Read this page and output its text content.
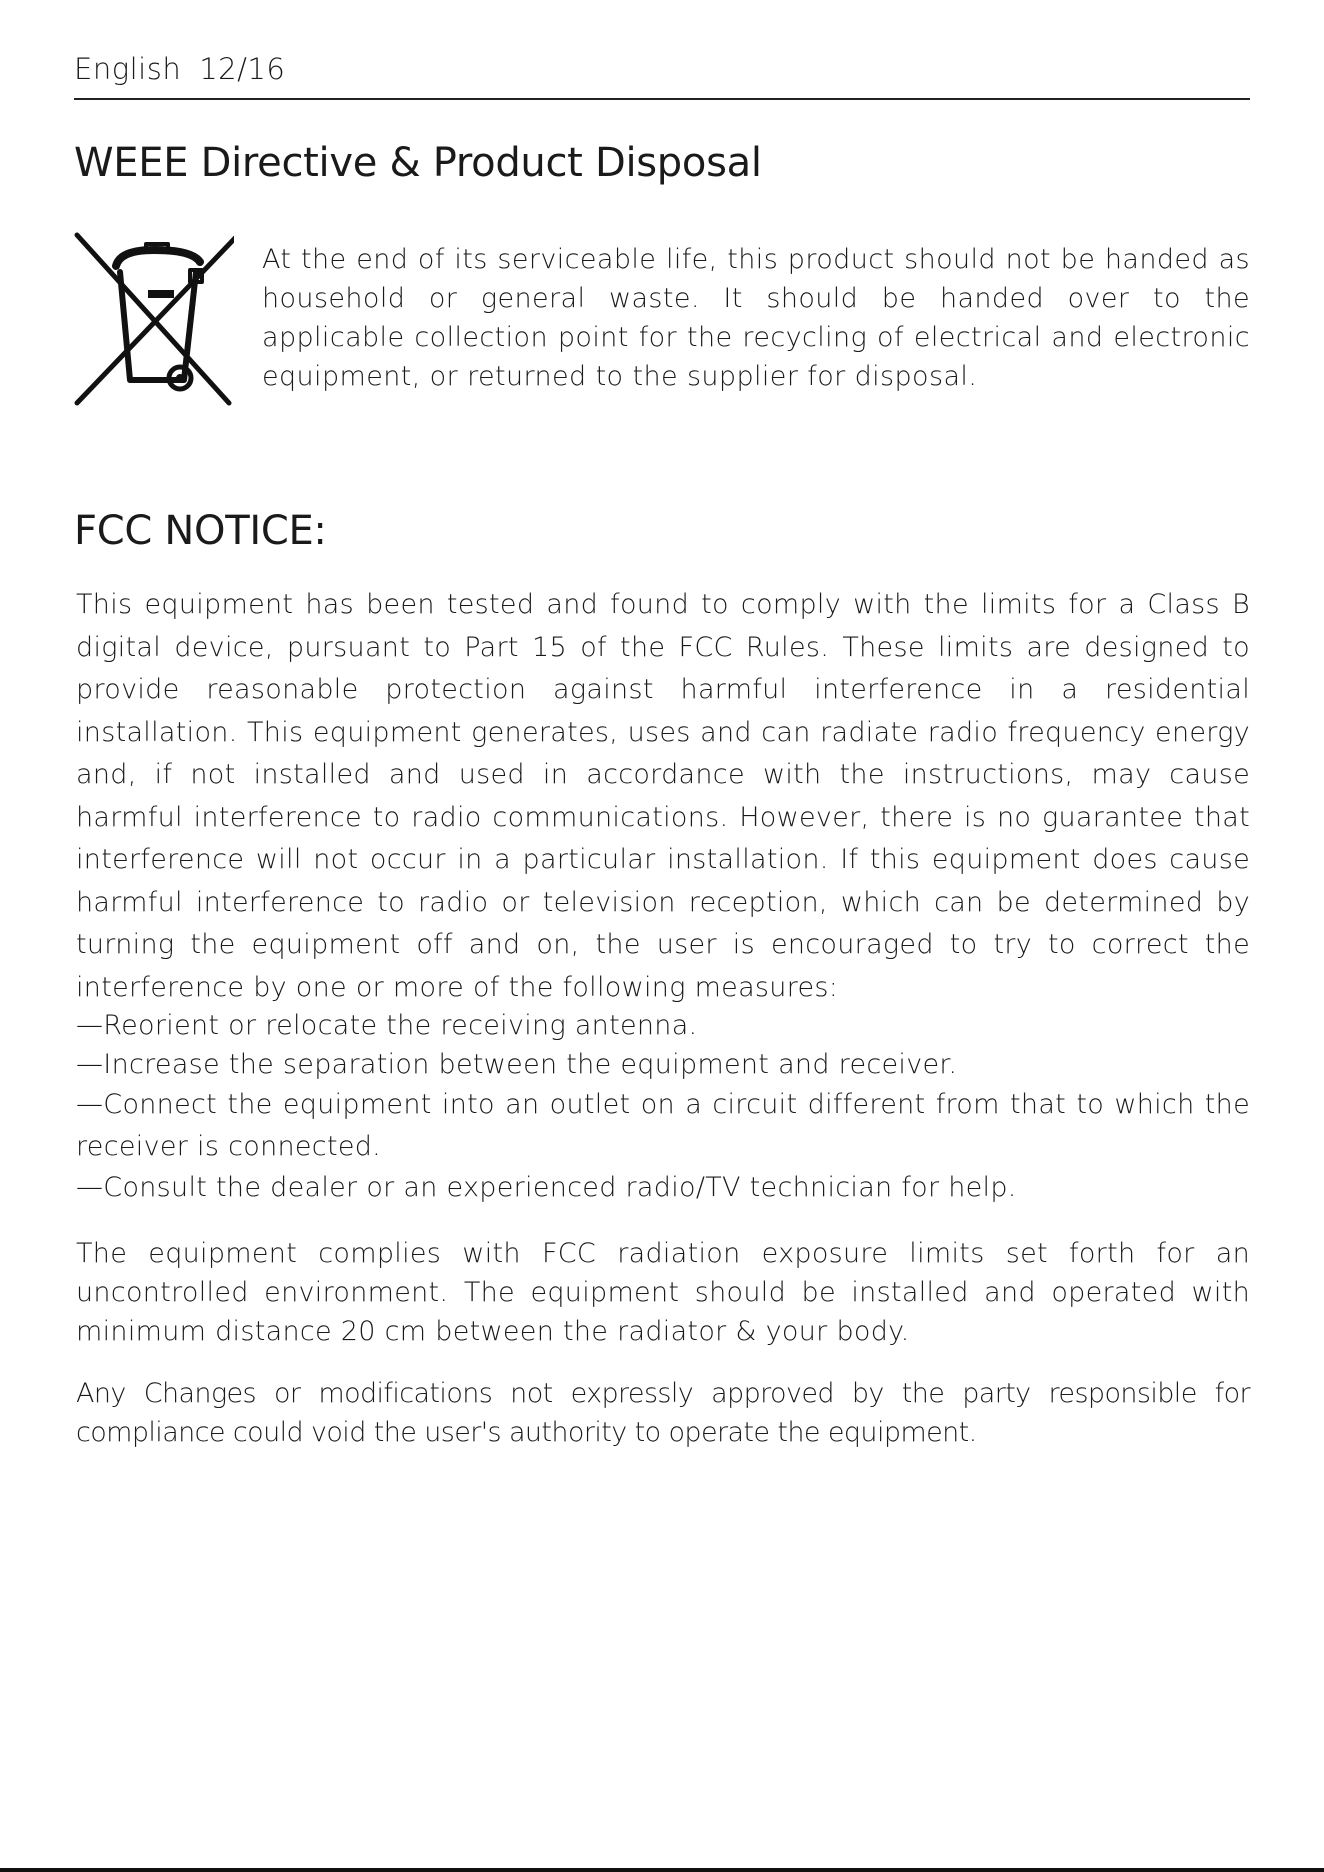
English 12/16
WEEE Directive & Product Disposal

At the end of its serviceable life, this product should not be handed as household or general waste. It should be handed over to the applicable collection point for the recycling of electrical and electronic equipment, or returned to the supplier for disposal.

FCC NOTICE:

This equipment has been tested and found to comply with the limits for a Class B digital device, pursuant to Part 15 of the FCC Rules. These limits are designed to provide reasonable protection against harmful interference in a residential installation. This equipment generates, uses and can radiate radio frequency energy and, if not installed and used in accordance with the instructions, may cause harmful interference to radio communications. However, there is no guarantee that interference will not occur in a particular installation. If this equipment does cause harmful interference to radio or television reception, which can be determined by turning the equipment off and on, the user is encouraged to try to correct the interference by one or more of the following measures:

—Reorient or relocate the receiving antenna.
—Increase the separation between the equipment and receiver.
—Connect the equipment into an outlet on a circuit different from that to which the receiver is connected.
—Consult the dealer or an experienced radio/TV technician for help.

The equipment complies with FCC radiation exposure limits set forth for an uncontrolled environment. The equipment should be installed and operated with minimum distance 20 cm between the radiator & your body.

Any Changes or modifications not expressly approved by the party responsible for compliance could void the user's authority to operate the equipment.
